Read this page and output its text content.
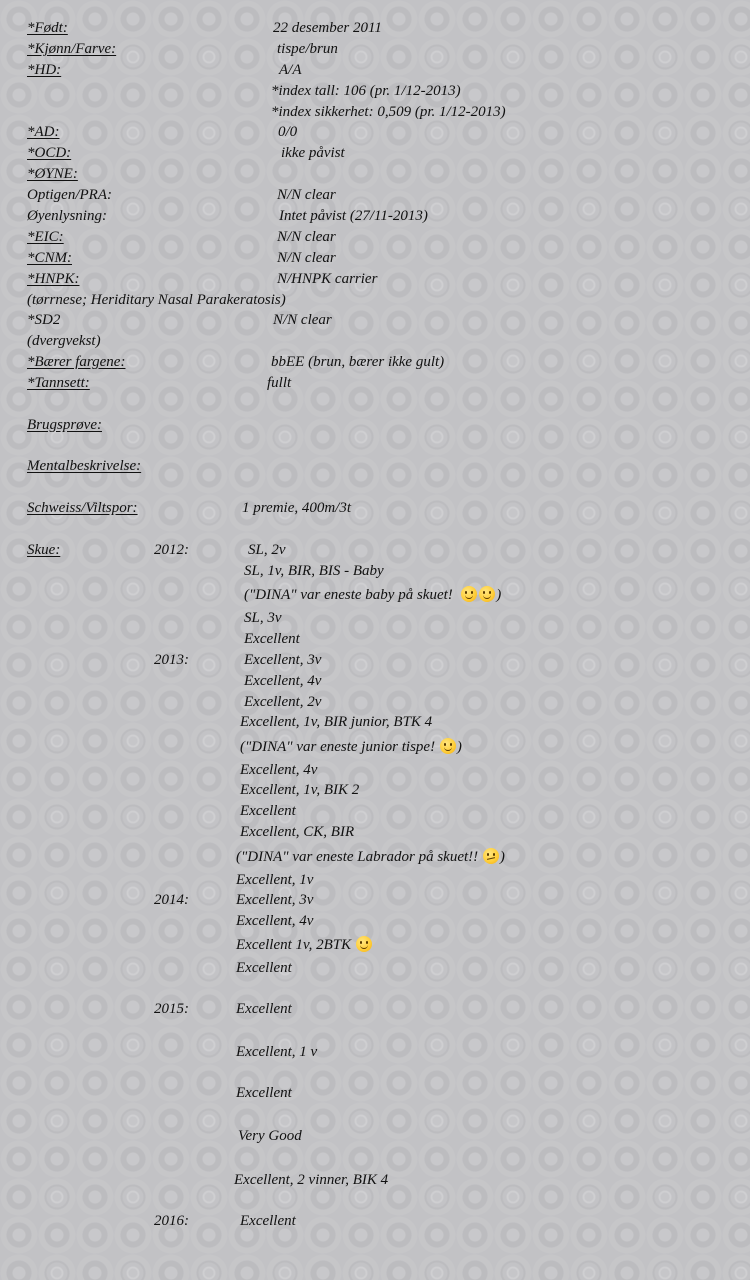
*Født:	22 desember 2011
*Kjønn/Farve:	tispe/brun
*HD:	A/A
*index tall: 106 (pr. 1/12-2013)
*index sikkerhet: 0,509 (pr. 1/12-2013)
*AD:	0/0
*OCD:	ikke påvist
*ØYNE:
Optigen/PRA:	N/N clear
Øyenlysning:	Intet påvist (27/11-2013)
*EIC:	N/N clear
*CNM:	N/N clear
*HNPK:	N/HNPK carrier
(tørrnese; Heriditary Nasal Parakeratosis)
*SD2	N/N clear
(dvergvekst)
*Bærer fargene:	bbEE (brun, bærer ikke gult)
*Tannsett:	fullt
Brugsprøve:
Mentalbeskrivelse:
Schweiss/Viltspor:	1 premie, 400m/3t
Skue:	2012:	SL, 2v
SL, 1v, BIR, BIS - Baby
("DINA" var eneste baby på skuet!	)
SL, 3v
Excellent
2013:	Excellent, 3v
Excellent, 4v
Excellent, 2v
Excellent, 1v, BIR junior, BTK 4
("DINA" var eneste junior tispe! )
Excellent, 4v
Excellent, 1v, BIK 2
Excellent
Excellent, CK, BIR
("DINA" var eneste Labrador på skuet!! )
Excellent, 1v
2014:	Excellent, 3v
Excellent, 4v
Excellent 1v, 2BTK
Excellent
2015:	Excellent
Excellent, 1 v
Excellent
Very Good
Excellent, 2 vinner, BIK 4
2016:	Excellent
